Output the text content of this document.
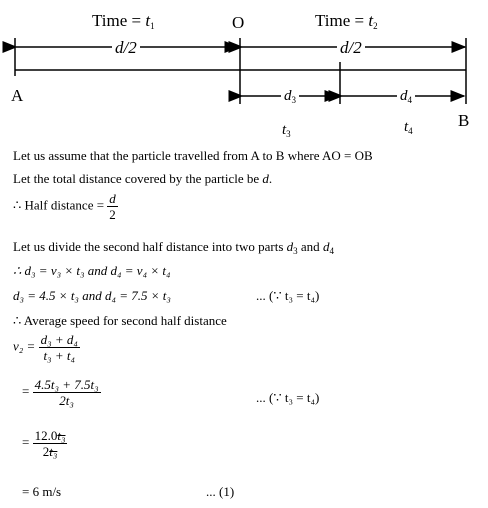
Time = $t_1$	O	Time = $t_2$
d/2	d/2
A
B
$d_3$	$d_4$
$t_3$	$t_4$
Let us assume that the particle travelled from A to B where AO = OB
Let the total distance covered by the particle be d.
∴ Half distance = $\frac{d}{2}$
Let us divide the second half distance into two parts $d_3$ and $d_4$
∴ d₃ = v₃ × t₃ and d₄ = v₄ × t₄
d₃ = 4.5 × t₃ and d₄ = 7.5 × t₃	... (∵ t₃ = t₄)
∴ Average speed for second half distance
$v_2 = \frac{\text{d₃ + d₄}}{\text{t₃ + t₄}}$
= $\frac{\text{4.5t₃ + 7.5t₃}}{\text{2t₃}}$	... (∵ t₃ = t₄)
= $\frac{\text{12.0t₃}}{\text{2t₃}}$
= 6 m/s	... (1)
